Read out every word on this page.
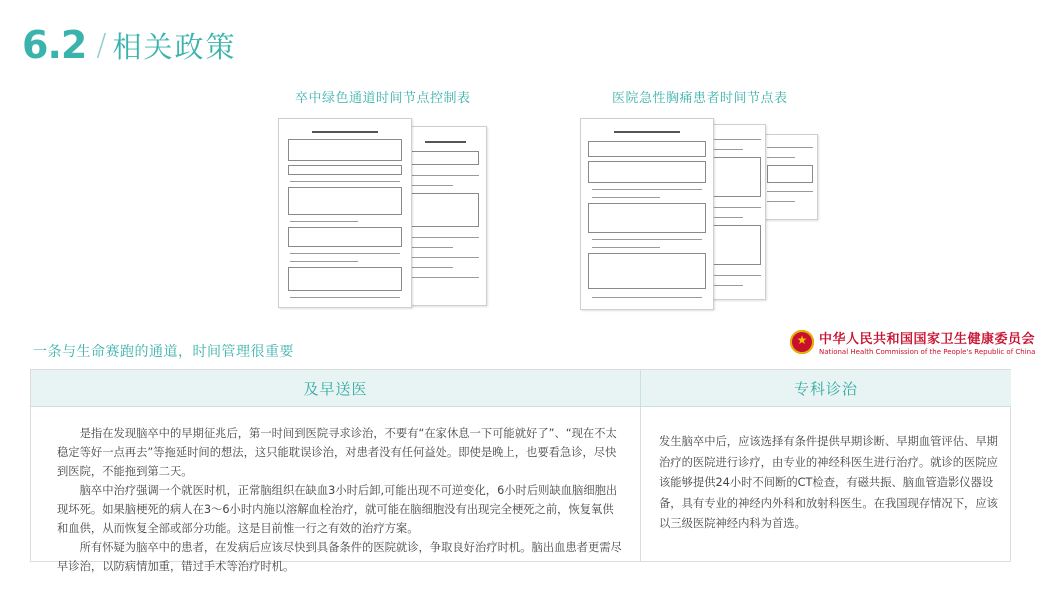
6.2 / 相关政策
卒中绿色通道时间节点控制表	医院急性胸痛患者时间节点表
一条与生命赛跑的通道，时间管理很重要
★
中华人民共和国国家卫生健康委员会
National Health Commission of the People's Republic of China
及早送医	专科诊治

是指在发现脑卒中的早期征兆后，第一时间到医院寻求诊治，不要有“在家休息一下可能就好了”、“现在不太稳定等好一点再去”等拖延时间的想法，这只能耽误诊治，对患者没有任何益处。即使是晚上，也要看急诊，尽快到医院，不能拖到第二天。

脑卒中治疗强调一个就医时机，正常脑组织在缺血3小时后卸,可能出现不可逆变化，6小时后则缺血脑细胞出现坏死。如果脑梗死的病人在3～6小时内施以溶解血栓治疗，就可能在脑细胞没有出现完全梗死之前，恢复氧供和血供，从而恢复全部或部分功能。这是目前惟一行之有效的治疗方案。

所有怀疑为脑卒中的患者，在发病后应该尽快到具备条件的医院就诊，争取良好治疗时机。脑出血患者更需尽早诊治，以防病情加重，错过手术等治疗时机。

发生脑卒中后，应该选择有条件提供早期诊断、早期血管评估、早期治疗的医院进行诊疗，由专业的神经科医生进行治疗。就诊的医院应该能够提供24小时不间断的CT检查，有磁共振、脑血管造影仪器设备，具有专业的神经内外科和放射科医生。在我国现存情况下，应该以三级医院神经内科为首选。
